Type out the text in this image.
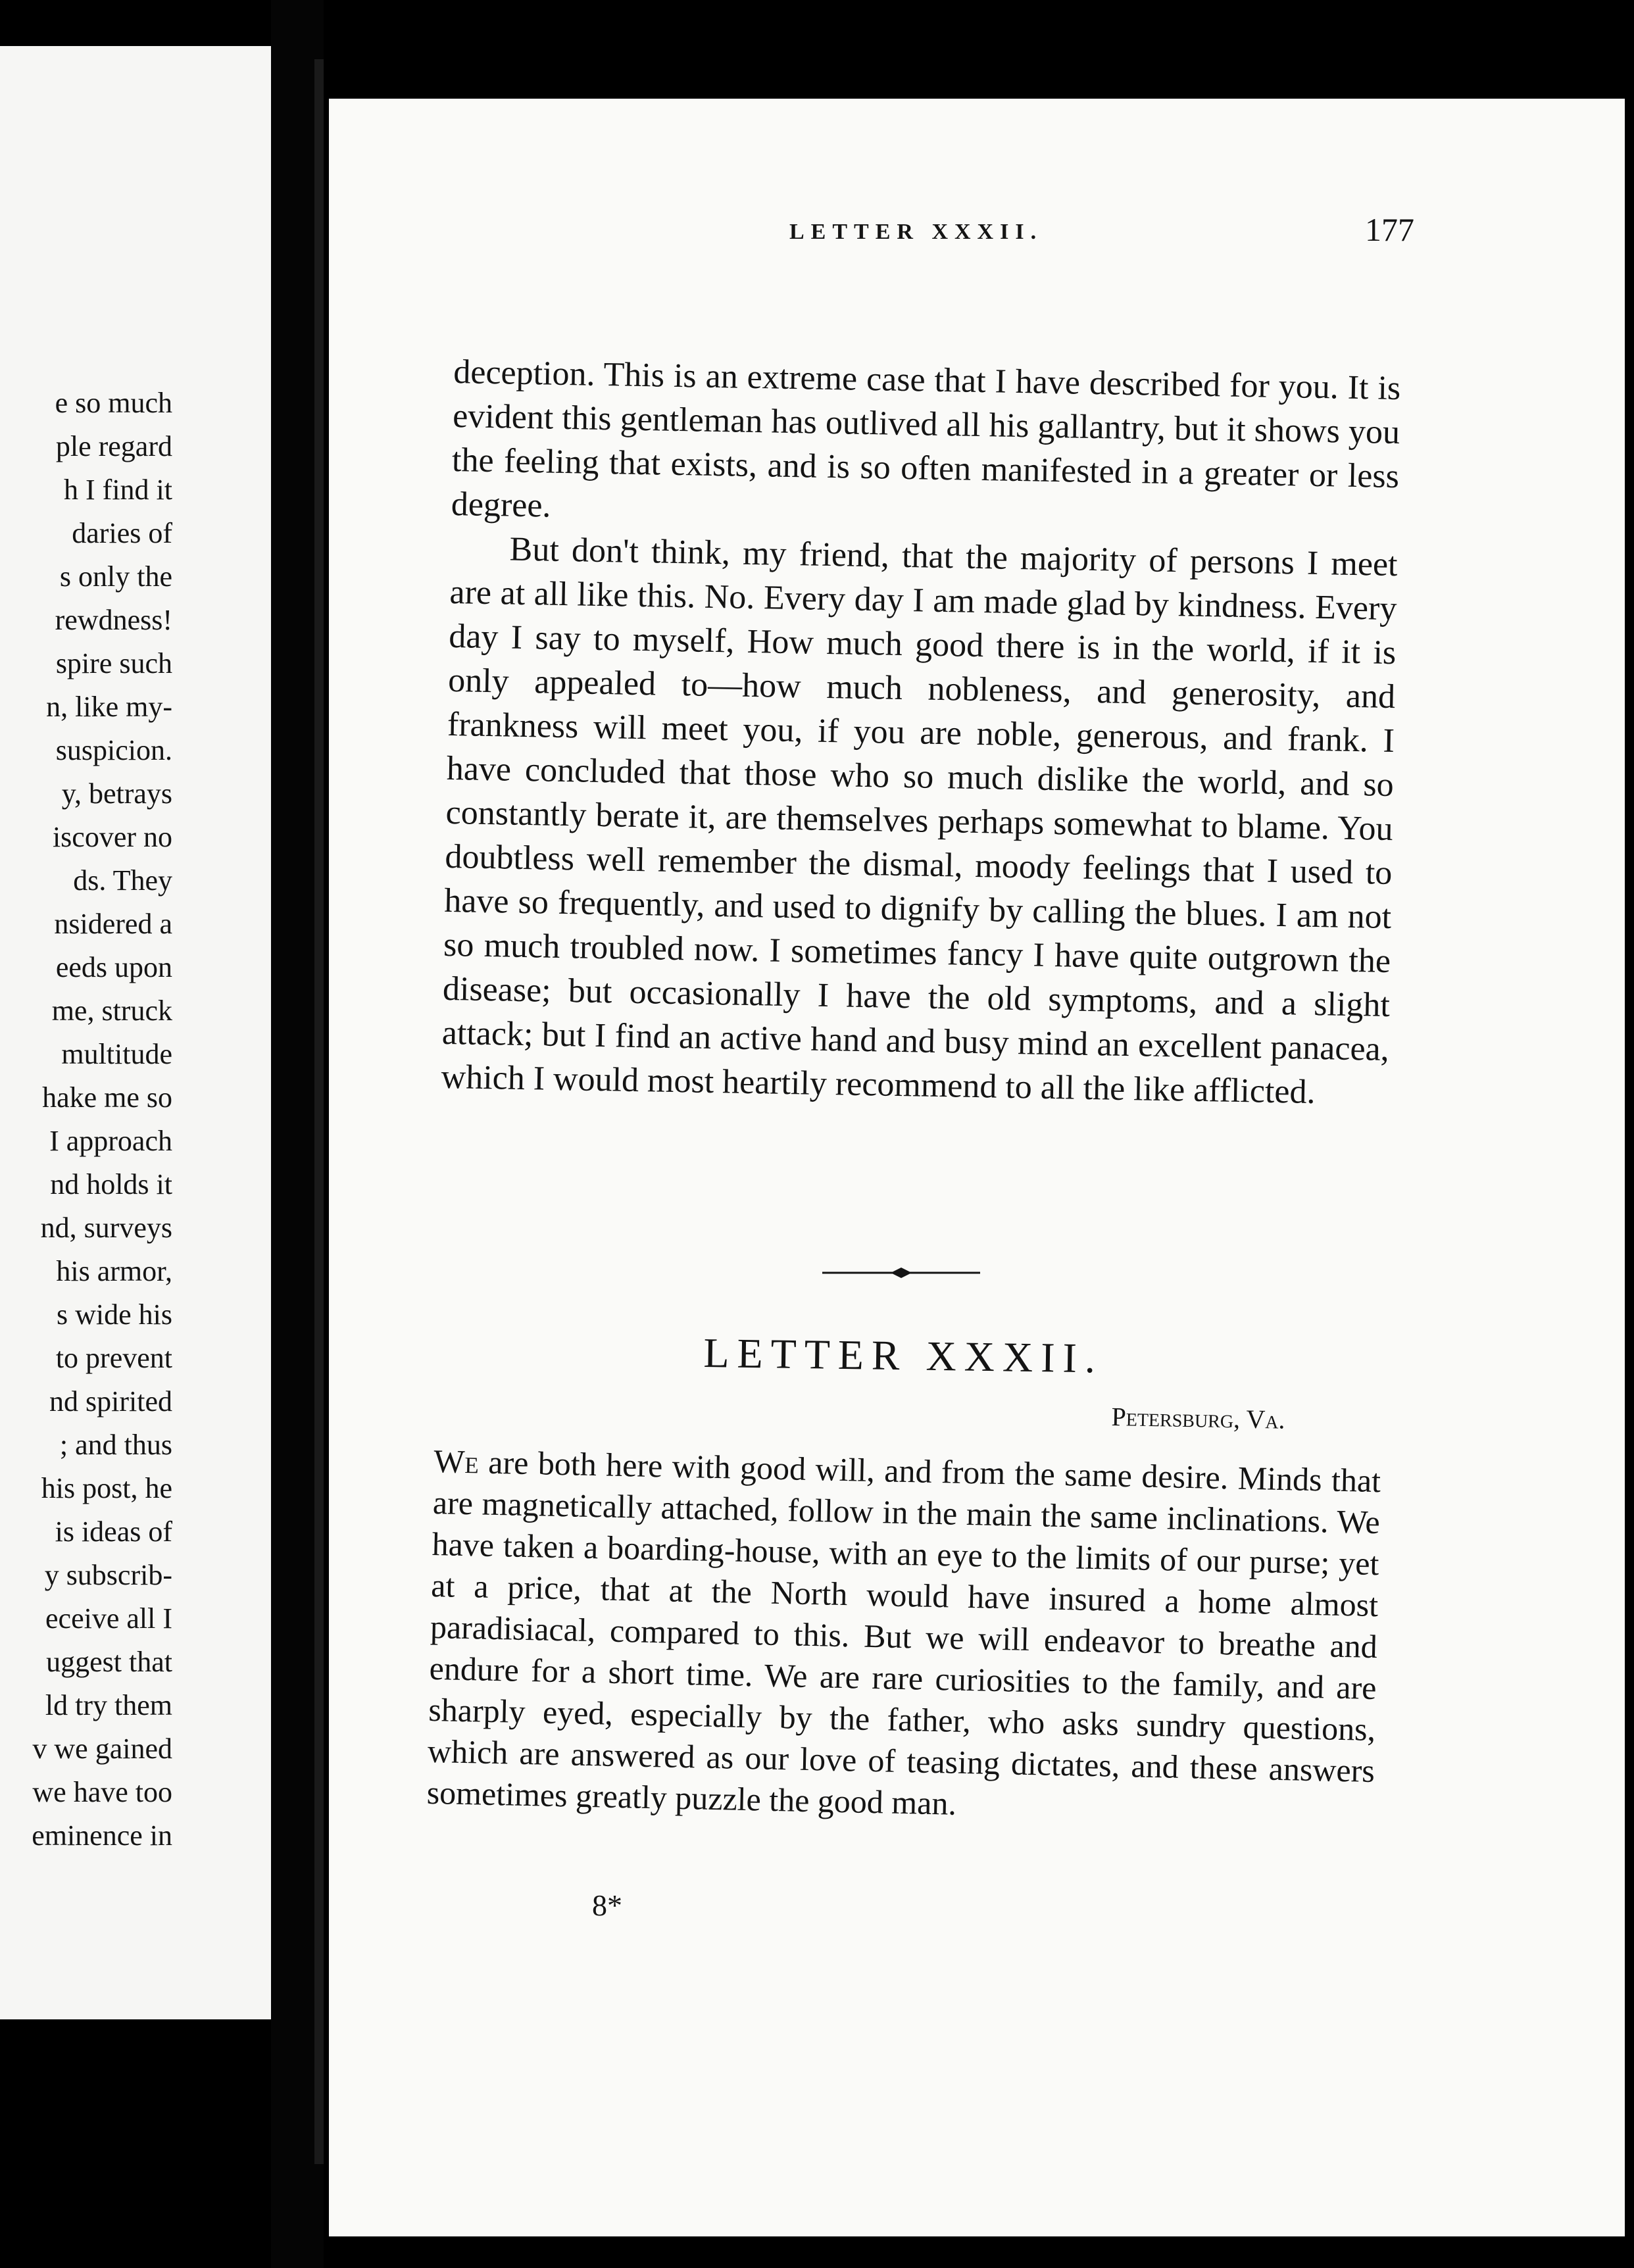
e so much
ple regard
h I find it
daries of
s only the
rewdness!
spire such
n, like my-
suspicion.
y, betrays
iscover no
ds. They
nsidered a
eeds upon
me, struck
multitude
hake me so
I approach
nd holds it
nd, surveys
his armor,
s wide his
to prevent
nd spirited
; and thus
his post, he
is ideas of
y subscrib-
eceive all I
uggest that
ld try them
v we gained
we have too
eminence in
LETTER XXXII.	177

deception. This is an extreme case that I have described for you. It is evident this gentleman has outlived all his gallantry, but it shows you the feeling that exists, and is so often manifested in a greater or less degree.

But don't think, my friend, that the majority of persons I meet are at all like this. No. Every day I am made glad by kindness. Every day I say to myself, How much good there is in the world, if it is only appealed to—how much nobleness, and generosity, and frankness will meet you, if you are noble, generous, and frank. I have concluded that those who so much dislike the world, and so constantly berate it, are themselves perhaps somewhat to blame. You doubtless well remember the dismal, moody feelings that I used to have so frequently, and used to dignify by calling the blues. I am not so much troubled now. I sometimes fancy I have quite outgrown the disease; but occasionally I have the old symptoms, and a slight attack; but I find an active hand and busy mind an excellent panacea, which I would most heartily recommend to all the like afflicted.

LETTER XXXII.
Petersburg, Va.

We are both here with good will, and from the same desire. Minds that are magnetically attached, follow in the main the same inclinations. We have taken a boarding-house, with an eye to the limits of our purse; yet at a price, that at the North would have insured a home almost paradisiacal, compared to this. But we will endeavor to breathe and endure for a short time. We are rare curiosities to the family, and are sharply eyed, especially by the father, who asks sundry questions, which are answered as our love of teasing dictates, and these answers sometimes greatly puzzle the good man.

8*
